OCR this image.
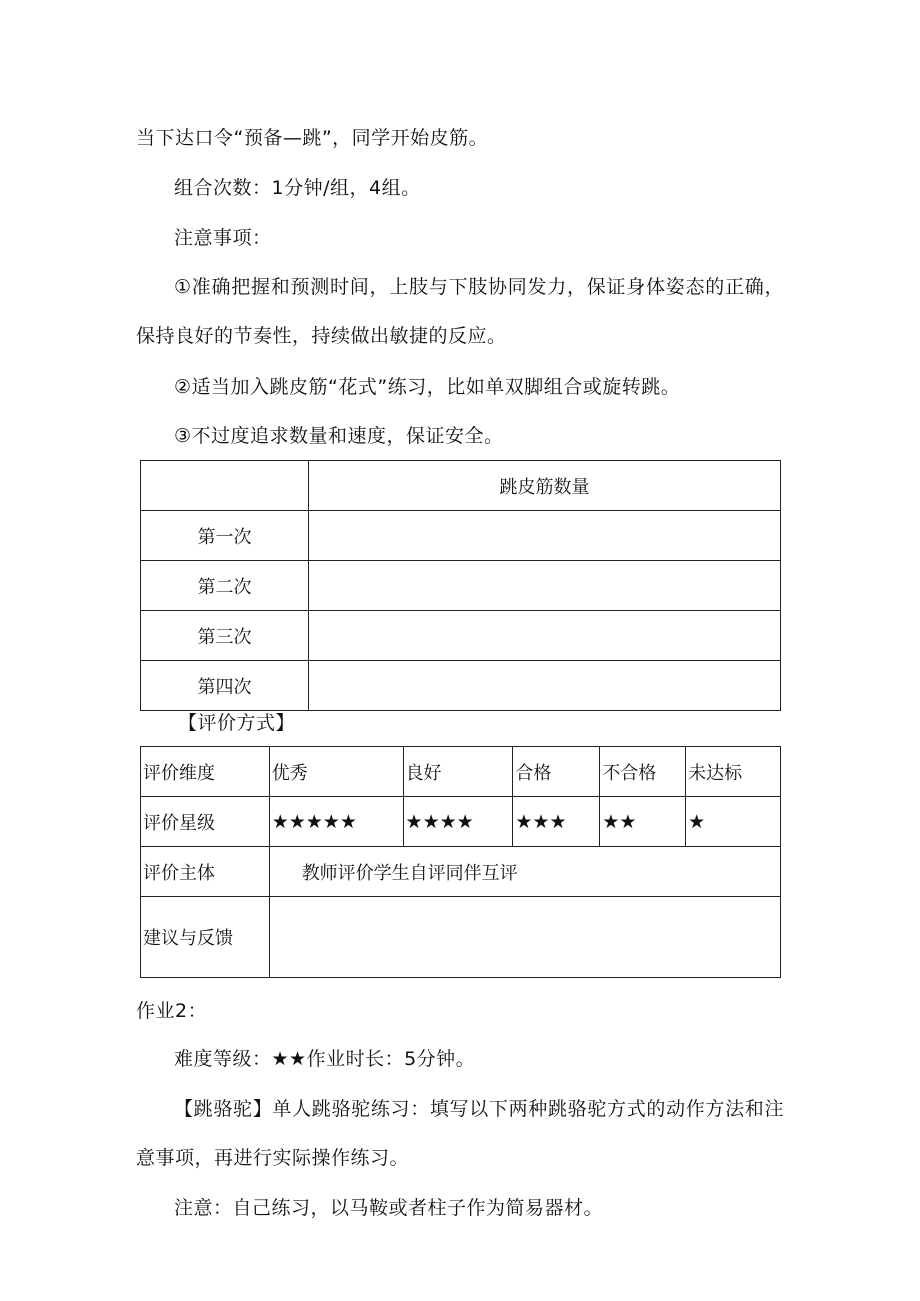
当下达口令“预备—跳”，同学开始皮筋。

组合次数：1分钟/组，4组。

注意事项：

①准确把握和预测时间，上肢与下肢协同发力，保证身体姿态的正确，保持良好的节奏性，持续做出敏捷的反应。

②适当加入跳皮筋“花式”练习，比如单双脚组合或旋转跳。

③不过度追求数量和速度，保证安全。

	跳皮筋数量
第一次	
第二次	
第三次	
第四次	

【评价方式】

评价维度	优秀	良好	合格	不合格	未达标
评价星级	★★★★★	★★★★	★★★	★★	★
评价主体	教师评价学生自评同伴互评				
建议与反馈					

作业2：

难度等级：★★作业时长：5分钟。

【跳骆驼】单人跳骆驼练习：填写以下两种跳骆驼方式的动作方法和注意事项，再进行实际操作练习。

注意：自己练习，以马鞍或者柱子作为简易器材。
